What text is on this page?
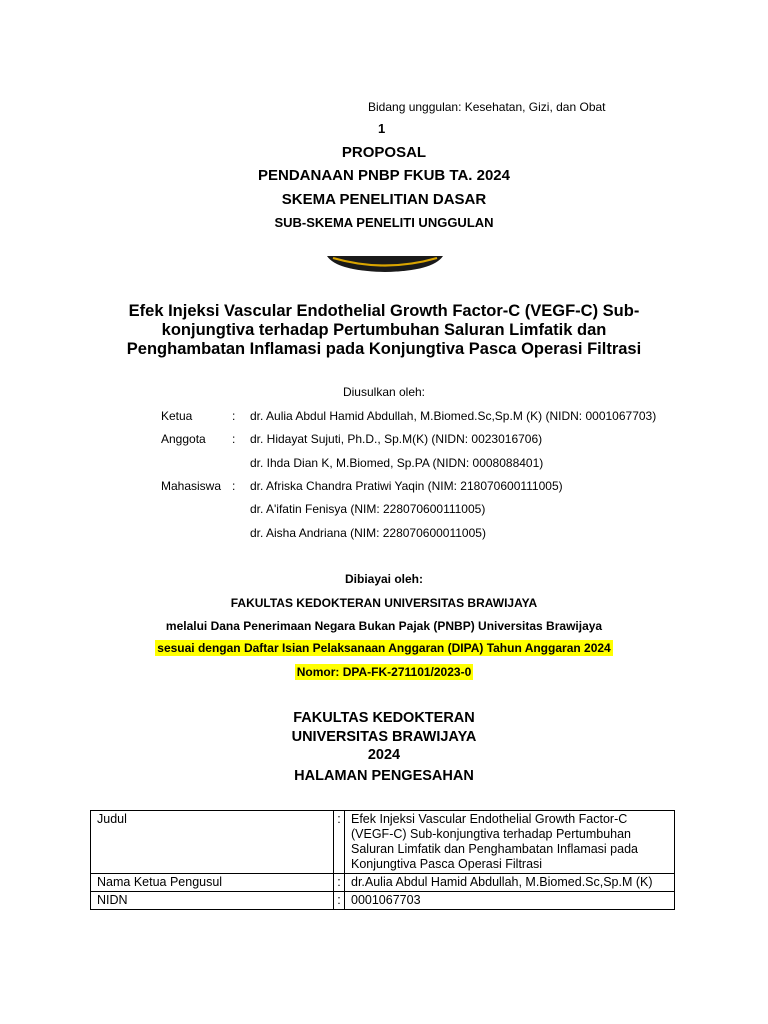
Bidang unggulan: Kesehatan, Gizi, dan Obat
1
PROPOSAL
PENDANAAN PNBP FKUB TA. 2024
SKEMA PENELITIAN DASAR
SUB-SKEMA PENELITI UNGGULAN
Efek Injeksi Vascular Endothelial Growth Factor-C (VEGF-C) Sub-
konjungtiva terhadap Pertumbuhan Saluran Limfatik dan
Penghambatan Inflamasi pada Konjungtiva Pasca Operasi Filtrasi
Diusulkan oleh:
Ketua	: dr. Aulia Abdul Hamid Abdullah, M.Biomed.Sc,Sp.M (K) (NIDN: 0001067703)
Anggota : dr. Hidayat Sujuti, Ph.D., Sp.M(K) (NIDN: 0023016706)
dr. Ihda Dian K, M.Biomed, Sp.PA (NIDN: 0008088401)
Mahasiswa : dr. Afriska Chandra Pratiwi Yaqin (NIM: 218070600111005)
dr. A'ifatin Fenisya (NIM: 228070600111005)
dr. Aisha Andriana (NIM: 228070600011005)
Dibiayai oleh:
FAKULTAS KEDOKTERAN UNIVERSITAS BRAWIJAYA
melalui Dana Penerimaan Negara Bukan Pajak (PNBP) Universitas Brawijaya
sesuai dengan Daftar Isian Pelaksanaan Anggaran (DIPA) Tahun Anggaran 2024
Nomor: DPA-FK-271101/2023-0
FAKULTAS KEDOKTERAN
UNIVERSITAS BRAWIJAYA
2024
HALAMAN PENGESAHAN
Judul	:	Efek Injeksi Vascular Endothelial Growth Factor-C (VEGF-C) Sub-konjungtiva terhadap Pertumbuhan Saluran Limfatik dan Penghambatan Inflamasi pada Konjungtiva Pasca Operasi Filtrasi
Nama Ketua Pengusul	:	dr.Aulia Abdul Hamid Abdullah, M.Biomed.Sc,Sp.M (K)
NIDN	:	0001067703
